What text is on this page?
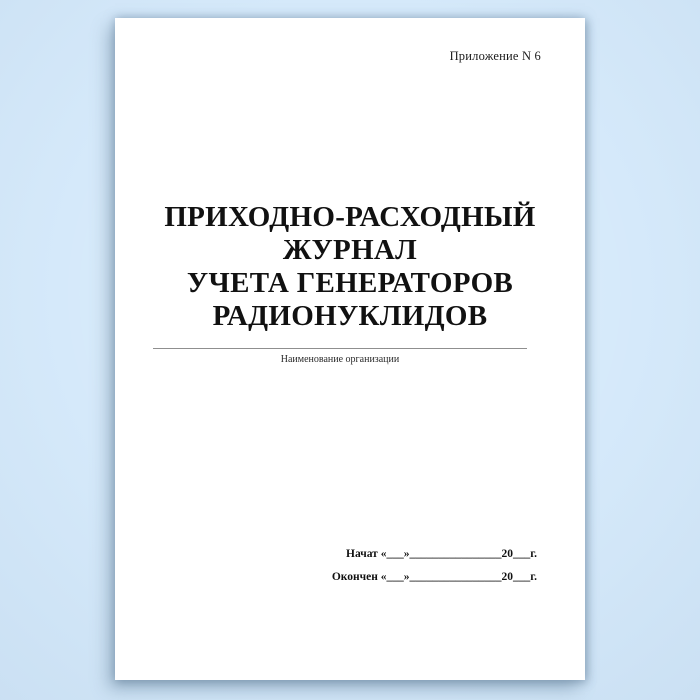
Приложение N 6
ПРИХОДНО-РАСХОДНЫЙ
ЖУРНАЛ
УЧЕТА ГЕНЕРАТОРОВ
РАДИОНУКЛИДОВ
Наименование организации
Начат «___»________________20___г.
Окончен «___»________________20___г.
